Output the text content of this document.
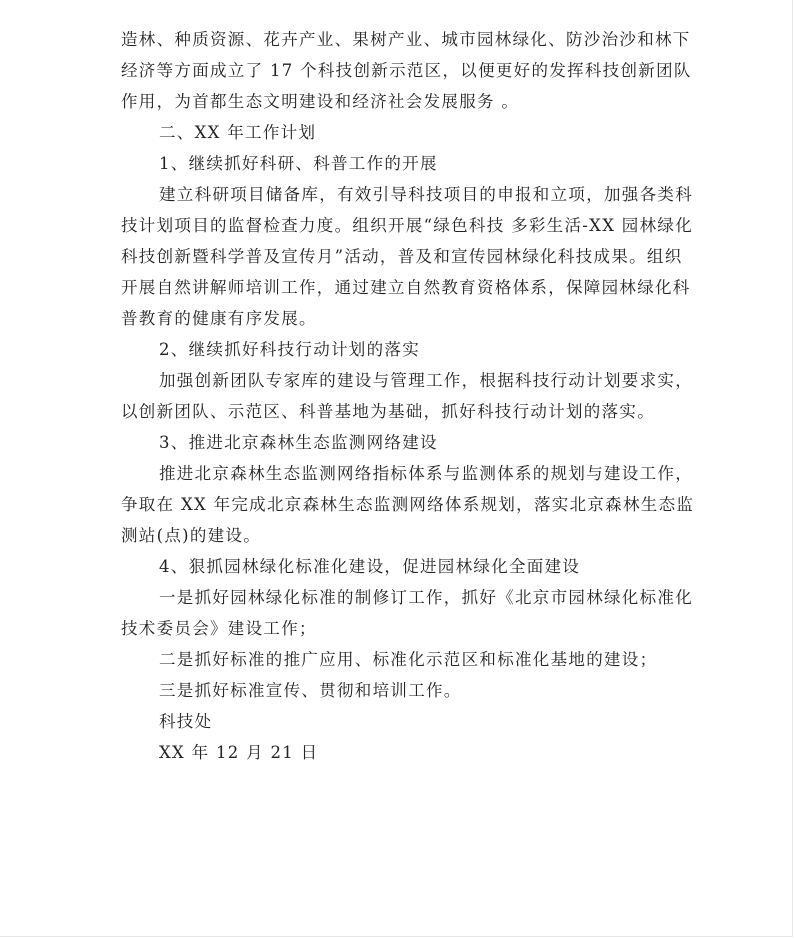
造林、种质资源、花卉产业、果树产业、城市园林绿化、防沙治沙和林下
经济等方面成立了 17 个科技创新示范区，以便更好的发挥科技创新团队
作用，为首都生态文明建设和经济社会发展服务 。
二、XX 年工作计划
1、继续抓好科研、科普工作的开展
建立科研项目储备库，有效引导科技项目的申报和立项，加强各类科
技计划项目的监督检查力度。组织开展“绿色科技 多彩生活-XX 园林绿化
科技创新暨科学普及宣传月”活动，普及和宣传园林绿化科技成果。组织
开展自然讲解师培训工作，通过建立自然教育资格体系，保障园林绿化科
普教育的健康有序发展。
2、继续抓好科技行动计划的落实
加强创新团队专家库的建设与管理工作，根据科技行动计划要求实，
以创新团队、示范区、科普基地为基础，抓好科技行动计划的落实。
3、推进北京森林生态监测网络建设
推进北京森林生态监测网络指标体系与监测体系的规划与建设工作，
争取在 XX 年完成北京森林生态监测网络体系规划，落实北京森林生态监
测站(点)的建设。
4、狠抓园林绿化标准化建设，促进园林绿化全面建设
一是抓好园林绿化标准的制修订工作，抓好《北京市园林绿化标准化
技术委员会》建设工作；
二是抓好标准的推广应用、标准化示范区和标准化基地的建设；
三是抓好标准宣传、贯彻和培训工作。
科技处
XX 年 12 月 21 日
